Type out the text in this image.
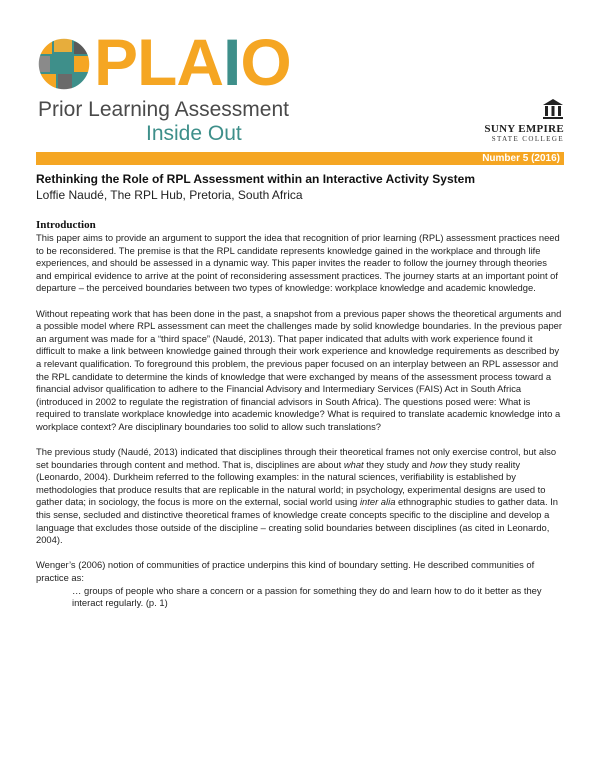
PLAIO
Prior Learning Assessment
Inside Out	SUNY EMPIRE
STATE COLLEGE
Number 5 (2016)
Rethinking the Role of RPL Assessment within an Interactive Activity System
Loffie Naudé, The RPL Hub, Pretoria, South Africa
Introduction

This paper aims to provide an argument to support the idea that recognition of prior learning (RPL) assessment practices need to be reconsidered. The premise is that the RPL candidate represents knowledge gained in the workplace and through life experiences, and should be assessed in a dynamic way. This paper invites the reader to follow the journey through theories and empirical evidence to arrive at the point of reconsidering assessment practices. The journey starts at an important point of departure – the perceived boundaries between two types of knowledge: workplace knowledge and academic knowledge.

Without repeating work that has been done in the past, a snapshot from a previous paper shows the theoretical arguments and a possible model where RPL assessment can meet the challenges made by solid knowledge boundaries. In the previous paper an argument was made for a “third space” (Naudé, 2013). That paper indicated that adults with work experience found it difficult to make a link between knowledge gained through their work experience and knowledge requirements as described by a relevant qualification. To foreground this problem, the previous paper focused on an interplay between an RPL assessor and the RPL candidate to determine the kinds of knowledge that were exchanged by means of the assessment process toward a financial advisor qualification to adhere to the Financial Advisory and Intermediary Services (FAIS) Act in South Africa (introduced in 2002 to regulate the registration of financial advisors in South Africa). The questions posed were: What is required to translate workplace knowledge into academic knowledge? What is required to translate academic knowledge into a workplace context? Are disciplinary boundaries too solid to allow such translations?

The previous study (Naudé, 2013) indicated that disciplines through their theoretical frames not only exercise control, but also set boundaries through content and method. That is, disciplines are about what they study and how they study reality (Leonardo, 2004). Durkheim referred to the following examples: in the natural sciences, verifiability is established by methodologies that produce results that are replicable in the natural world; in psychology, experimental designs are used to gather data; in sociology, the focus is more on the external, social world using inter alia ethnographic studies to gather data. In this sense, secluded and distinctive theoretical frames of knowledge create concepts specific to the discipline and develop a language that excludes those outside of the discipline – creating solid boundaries between disciplines (as cited in Leonardo, 2004).

Wenger’s (2006) notion of communities of practice underpins this kind of boundary setting. He described communities of practice as:

… groups of people who share a concern or a passion for something they do and learn how to do it better as they interact regularly. (p. 1)
